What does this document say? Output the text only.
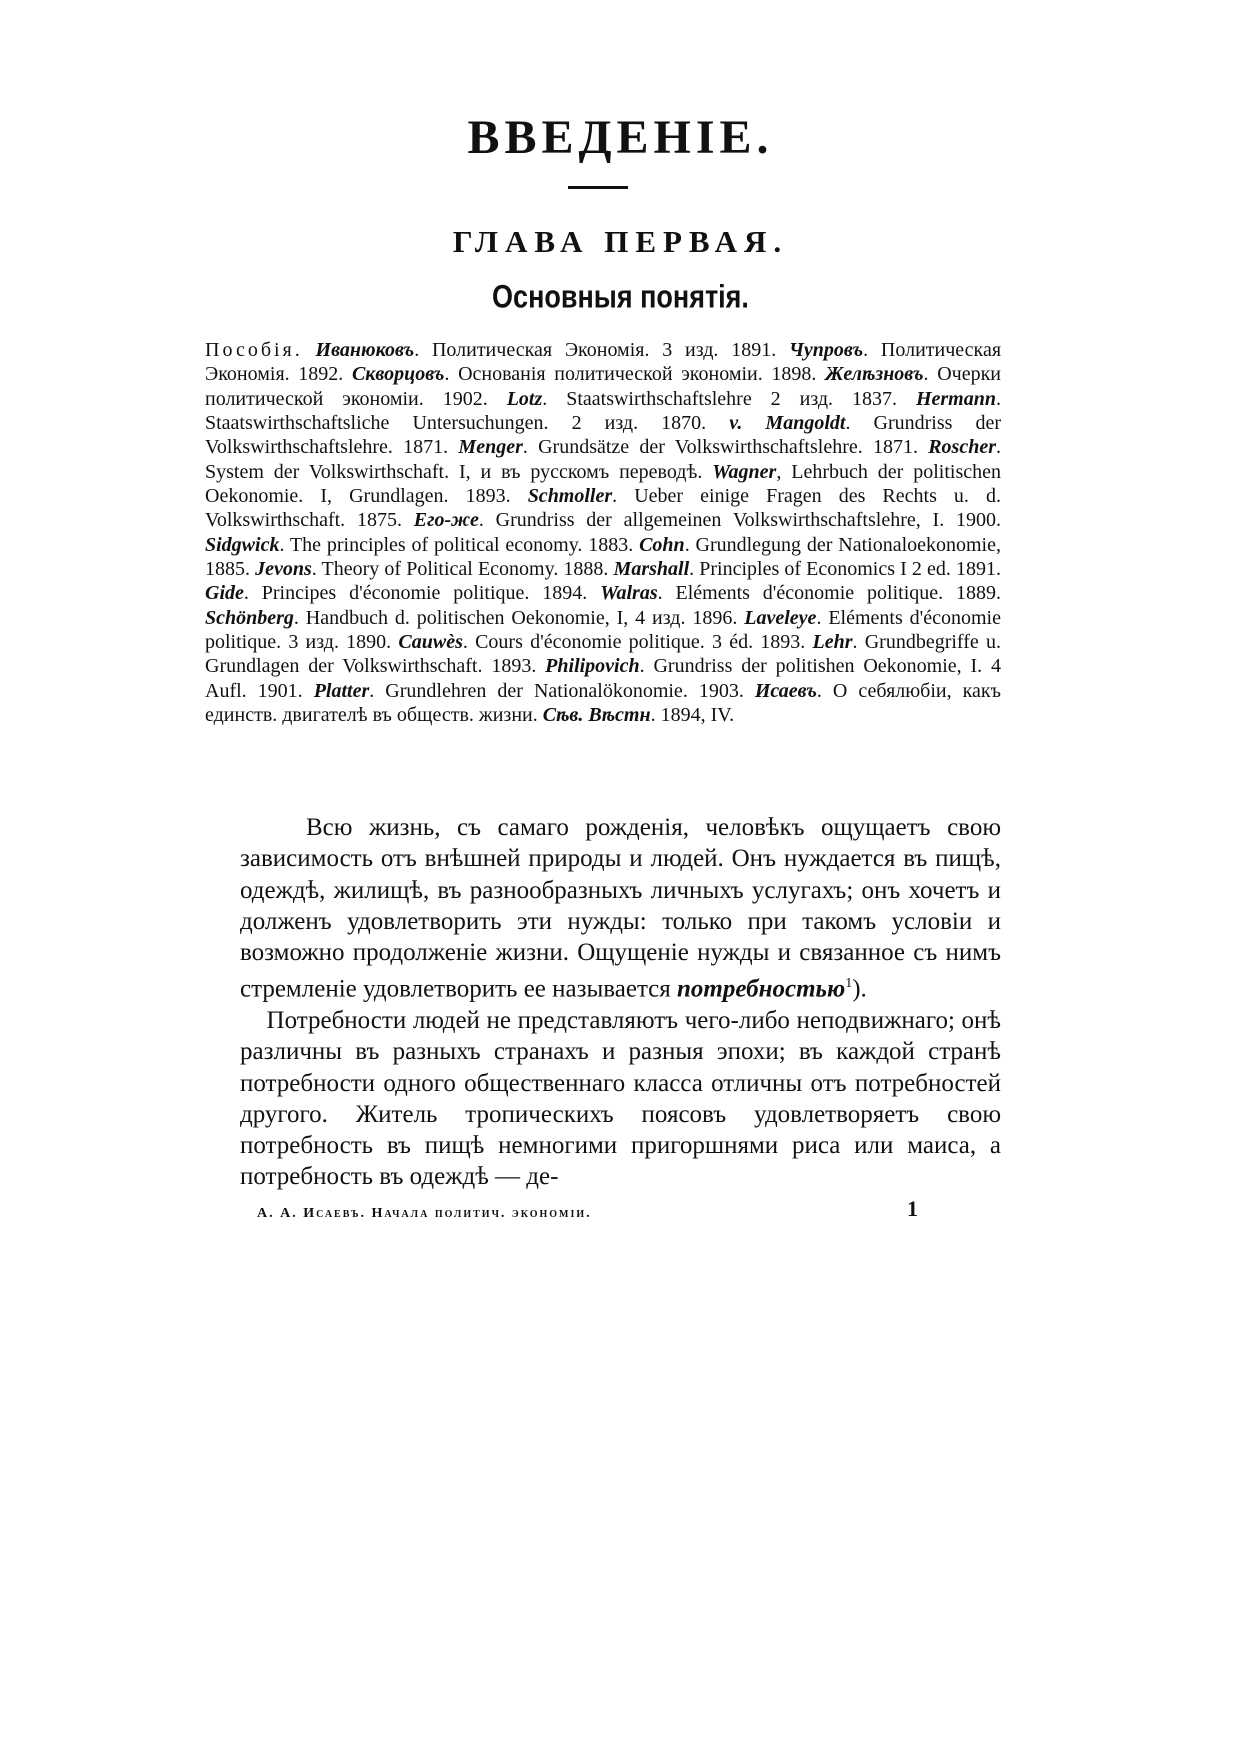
ВВЕДЕНІЕ.
ГЛАВА ПЕРВАЯ.
Основныя понятія.

Пособія. Иванюковъ. Политическая Экономія. 3 изд. 1891. Чупровъ. Политическая Экономія. 1892. Скворцовъ. Основанія политической экономіи. 1898. Желѣзновъ. Очерки политической экономіи. 1902. Lotz. Staatswirthschaftslehre 2 изд. 1837. Hermann. Staatswirthschaftsliche Untersuchungen. 2 изд. 1870. v. Mangoldt. Grundriss der Volkswirthschaftslehre. 1871. Menger. Grundsätze der Volkswirthschaftslehre. 1871. Roscher. System der Volkswirthschaft. I, и въ русскомъ переводѣ. Wagner, Lehrbuch der politischen Oekonomie. I, Grundlagen. 1893. Schmoller. Ueber einige Fragen des Rechts u. d. Volkswirthschaft. 1875. Его-же. Grundriss der allgemeinen Volkswirthschaftslehre, I. 1900. Sidgwick. The principles of political economy. 1883. Cohn. Grundlegung der Nationaloekonomie, 1885. Jevons. Theory of Political Economy. 1888. Marshall. Principles of Economics I 2 ed. 1891. Gide. Principes d'économie politique. 1894. Walras. Eléments d'économie politique. 1889. Schönberg. Handbuch d. politischen Oekonomie, I, 4 изд. 1896. Laveleye. Eléments d'économie politique. 3 изд. 1890. Cauwès. Cours d'économie politique. 3 éd. 1893. Lehr. Grundbegriffe u. Grundlagen der Volkswirthschaft. 1893. Philipovich. Grundriss der politishen Oekonomie, I. 4 Aufl. 1901. Platter. Grundlehren der Nationalökonomie. 1903. Исаевъ. О себялюбіи, какъ единств. двигателѣ въ обществ. жизни. Сѣв. Вѣстн. 1894, IV.

Всю жизнь, съ самаго рожденія, человѣкъ ощущаетъ свою зависимость отъ внѣшней природы и людей. Онъ нуждается въ пищѣ, одеждѣ, жилищѣ, въ разнообразныхъ личныхъ услугахъ; онъ хочетъ и долженъ удовлетворить эти нужды: только при такомъ условіи и возможно продолженіе жизни. Ощущеніе нужды и связанное съ нимъ стремленіе удовлетворить ее называется потребностью$^1$).

Потребности людей не представляютъ чего-либо неподвижнаго; онѣ различны въ разныхъ странахъ и разныя эпохи; въ каждой странѣ потребности одного общественнаго класса отличны отъ потребностей другого. Житель тропическихъ поясовъ удовлетворяетъ свою потребность въ пищѣ немногими пригоршнями риса или маиса, а потребность въ одеждѣ — де-

А. А. Исаевъ. Начала политич. экономіи.	1
